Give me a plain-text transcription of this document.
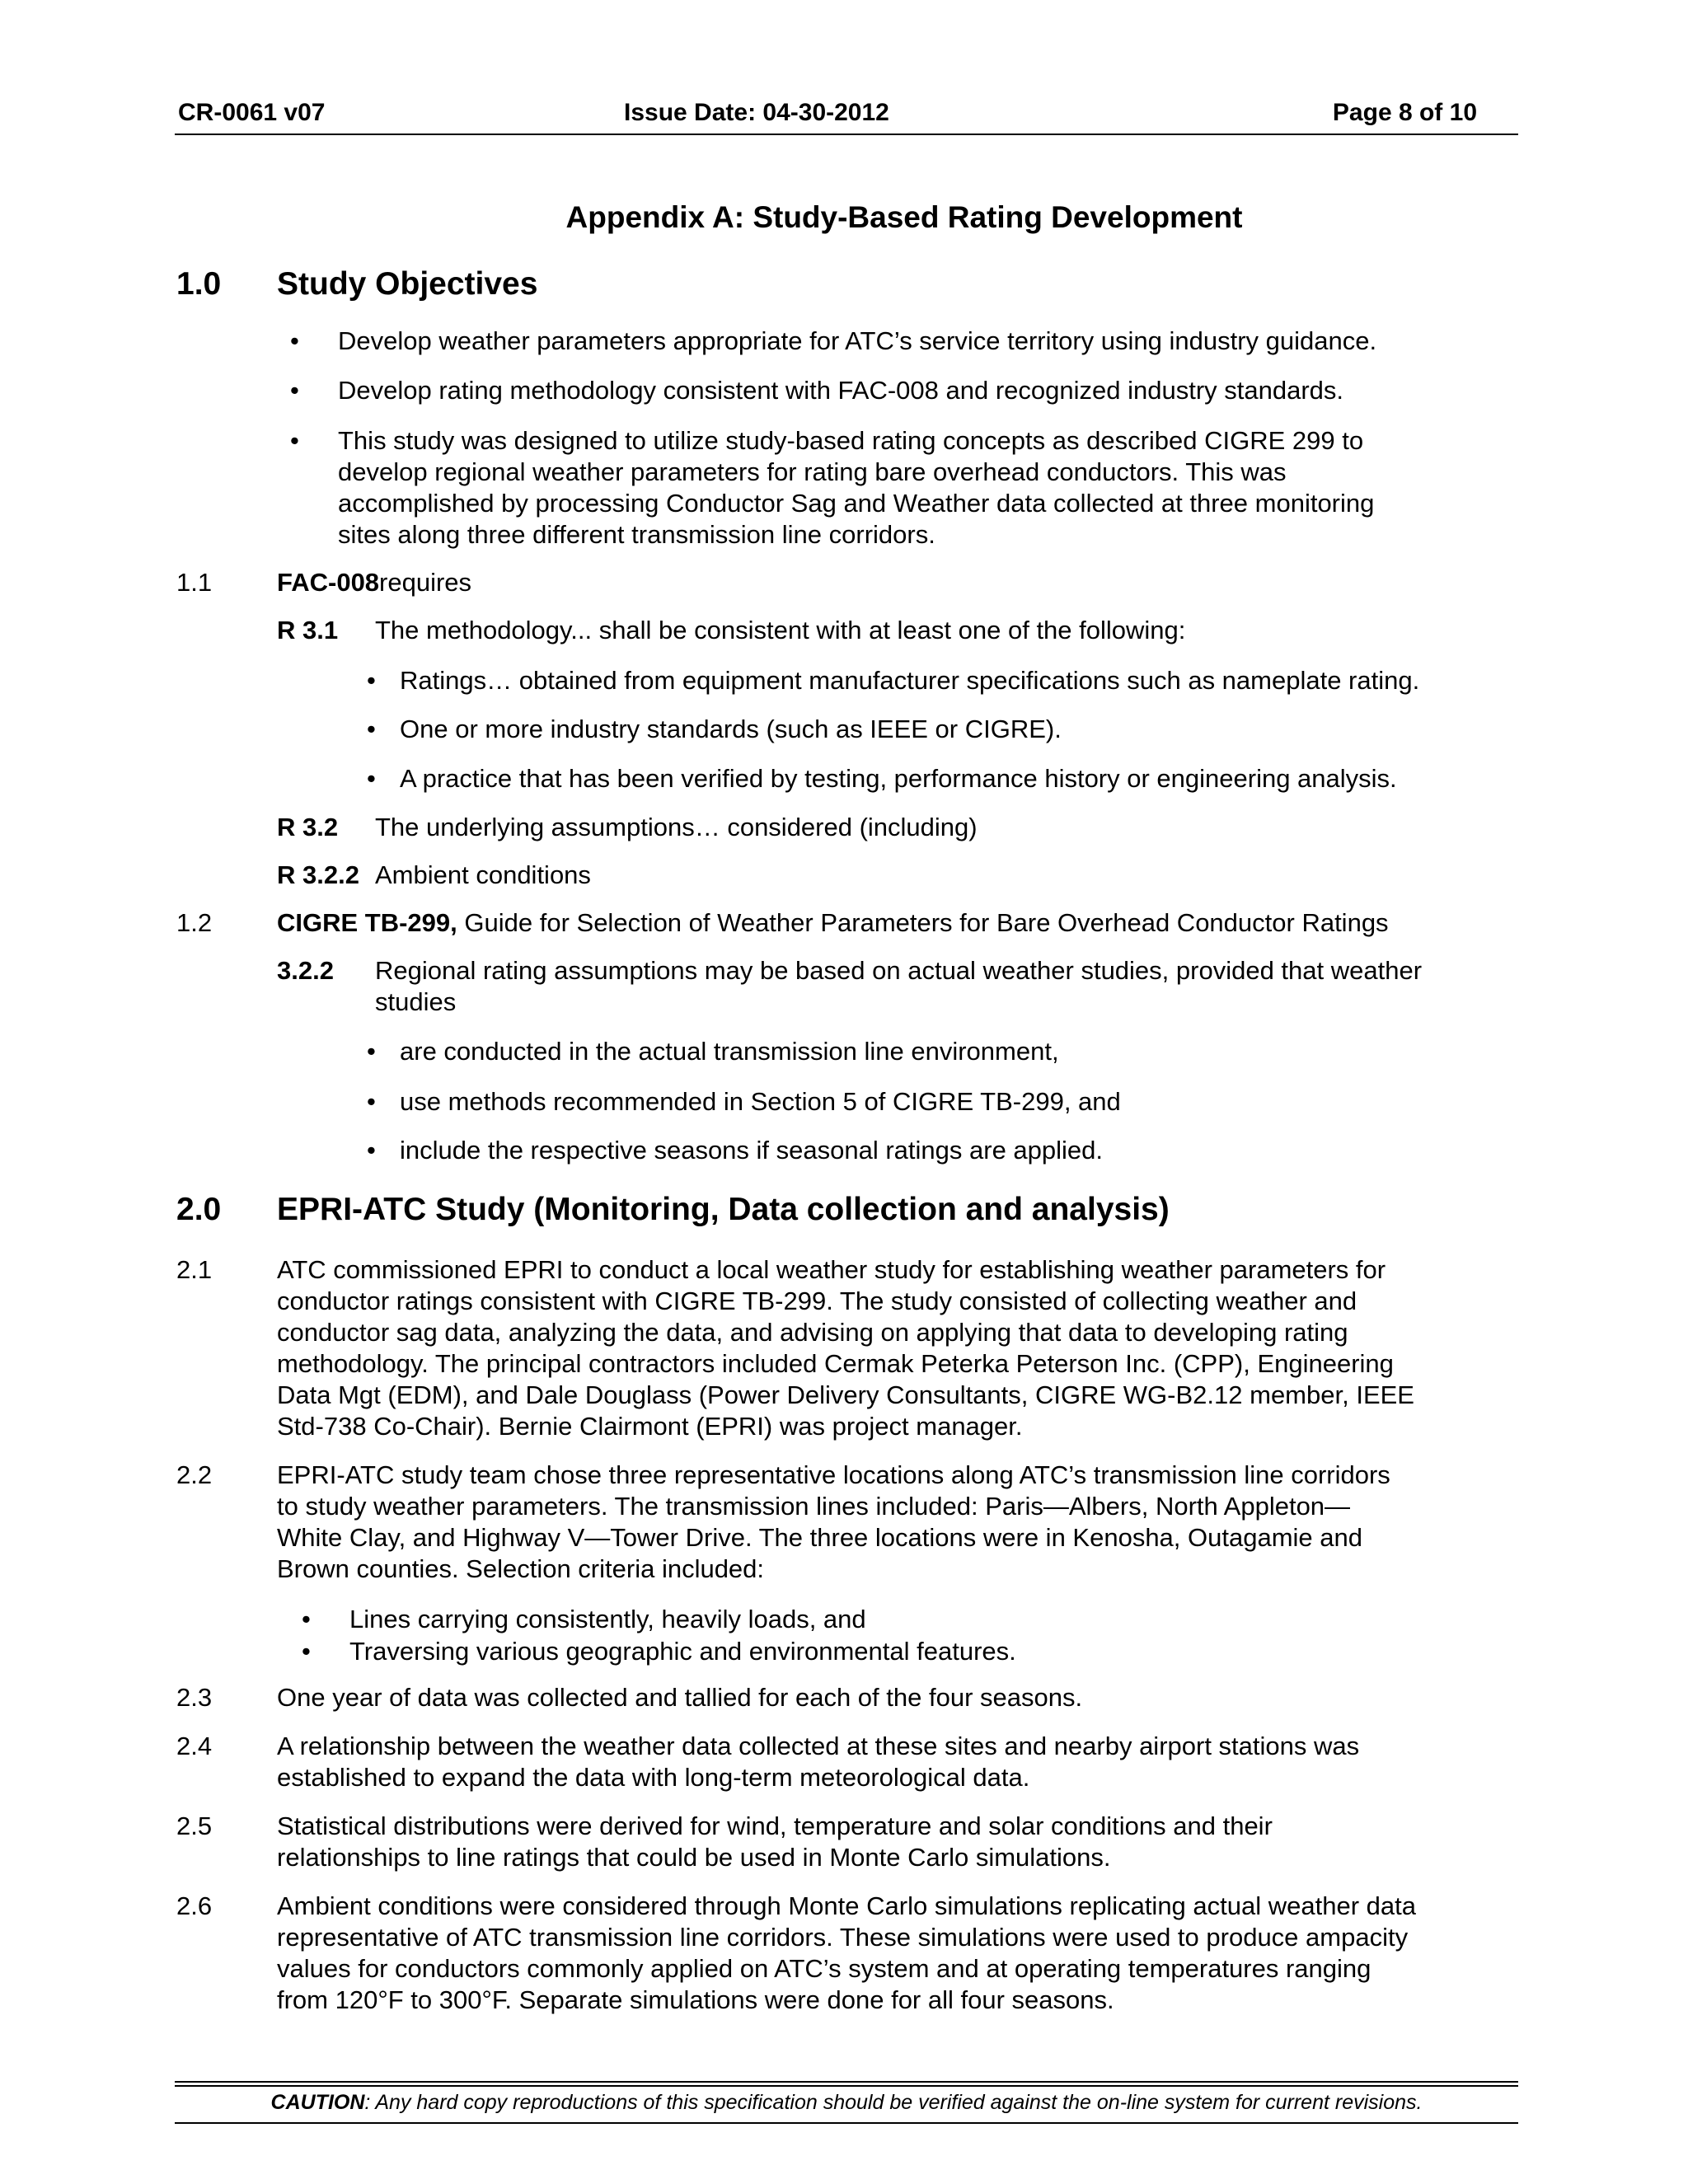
CR-0061 v07	Issue Date: 04-30-2012	Page 8 of 10
Appendix A: Study-Based Rating Development
1.0 Study Objectives
• Develop weather parameters appropriate for ATC’s service territory using industry guidance.
• Develop rating methodology consistent with FAC-008 and recognized industry standards.
• This study was designed to utilize study-based rating concepts as described CIGRE 299 to
develop regional weather parameters for rating bare overhead conductors. This was
accomplished by processing Conductor Sag and Weather data collected at three monitoring
sites along three different transmission line corridors.
1.1	FAC-008requires
R 3.1 The methodology... shall be consistent with at least one of the following:
• Ratings… obtained from equipment manufacturer specifications such as nameplate rating.
• One or more industry standards (such as IEEE or CIGRE).
• A practice that has been verified by testing, performance history or engineering analysis.
R 3.2 The underlying assumptions… considered (including)
R 3.2.2 Ambient conditions
1.2	CIGRE TB-299, Guide for Selection of Weather Parameters for Bare Overhead Conductor Ratings
3.2.2 Regional rating assumptions may be based on actual weather studies, provided that weather
studies
• are conducted in the actual transmission line environment,
• use methods recommended in Section 5 of CIGRE TB-299, and
• include the respective seasons if seasonal ratings are applied.
2.0 EPRI-ATC Study (Monitoring, Data collection and analysis)
2.1	ATC commissioned EPRI to conduct a local weather study for establishing weather parameters for
conductor ratings consistent with CIGRE TB-299. The study consisted of collecting weather and
conductor sag data, analyzing the data, and advising on applying that data to developing rating
methodology. The principal contractors included Cermak Peterka Peterson Inc. (CPP), Engineering
Data Mgt (EDM), and Dale Douglass (Power Delivery Consultants, CIGRE WG-B2.12 member, IEEE
Std-738 Co-Chair). Bernie Clairmont (EPRI) was project manager.
2.2	EPRI-ATC study team chose three representative locations along ATC’s transmission line corridors
to study weather parameters. The transmission lines included: Paris—Albers, North Appleton—
White Clay, and Highway V—Tower Drive. The three locations were in Kenosha, Outagamie and
Brown counties. Selection criteria included:
• Lines carrying consistently, heavily loads, and
• Traversing various geographic and environmental features.
2.3	One year of data was collected and tallied for each of the four seasons.
2.4	A relationship between the weather data collected at these sites and nearby airport stations was
established to expand the data with long-term meteorological data.
2.5	Statistical distributions were derived for wind, temperature and solar conditions and their
relationships to line ratings that could be used in Monte Carlo simulations.
2.6	Ambient conditions were considered through Monte Carlo simulations replicating actual weather data
representative of ATC transmission line corridors. These simulations were used to produce ampacity
values for conductors commonly applied on ATC’s system and at operating temperatures ranging
from 120°F to 300°F. Separate simulations were done for all four seasons.
CAUTION: Any hard copy reproductions of this specification should be verified against the on-line system for current revisions.
